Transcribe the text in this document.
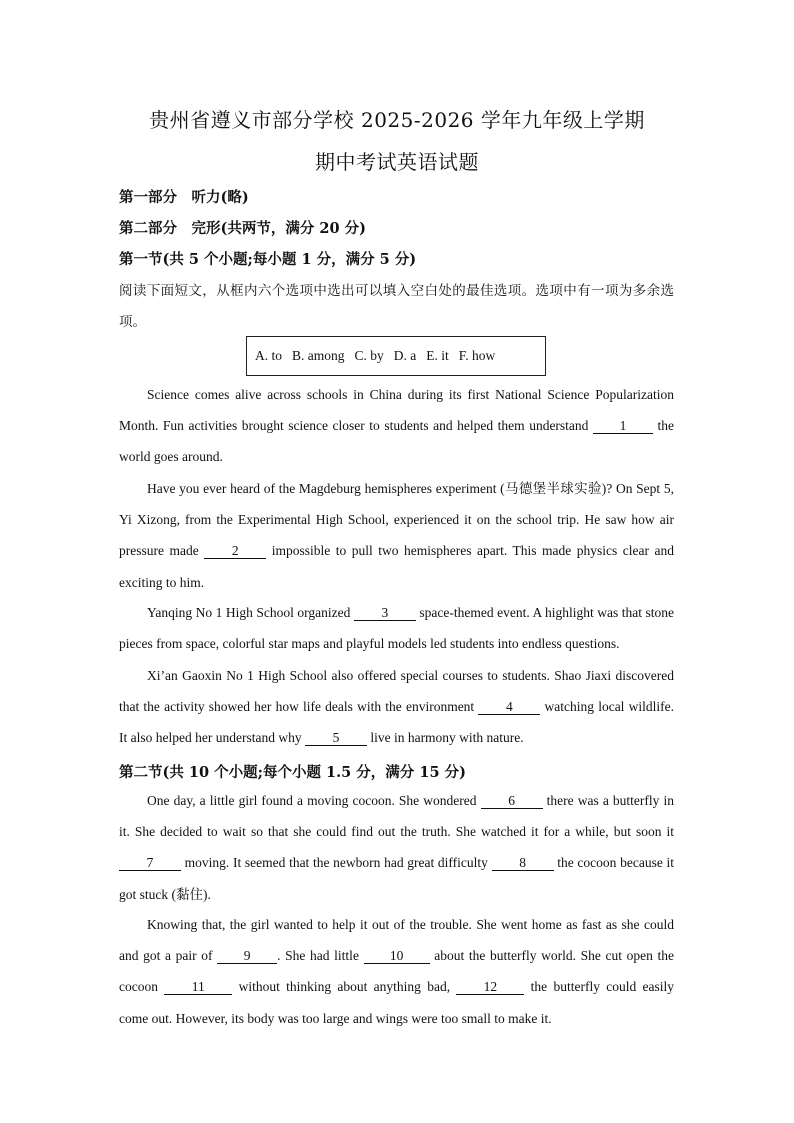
贵州省遵义市部分学校 2025-2026 学年九年级上学期
期中考试英语试题
第一部分　听力(略)
第二部分　完形(共两节，满分 20 分)
第一节(共 5 个小题;每小题 1 分，满分 5 分)
阅读下面短文，从框内六个选项中选出可以填入空白处的最佳选项。选项中有一项为多余选项。
A. to B. among C. by D. a E. it F. how
Science comes alive across schools in China during its first National Science Popularization Month. Fun activities brought science closer to students and helped them understand 1 the world goes around.
Have you ever heard of the Magdeburg hemispheres experiment (马德堡半球实验)? On Sept 5, Yi Xizong, from the Experimental High School, experienced it on the school trip. He saw how air pressure made 2 impossible to pull two hemispheres apart. This made physics clear and exciting to him.
Yanqing No 1 High School organized 3 space-themed event. A highlight was that stone pieces from space, colorful star maps and playful models led students into endless questions.
Xi’an Gaoxin No 1 High School also offered special courses to students. Shao Jiaxi discovered that the activity showed her how life deals with the environment 4 watching local wildlife. It also helped her understand why 5 live in harmony with nature.
第二节(共 10 个小题;每个小题 1.5 分，满分 15 分)
One day, a little girl found a moving cocoon. She wondered 6 there was a butterfly in it. She decided to wait so that she could find out the truth. She watched it for a while, but soon it 7 moving. It seemed that the newborn had great difficulty 8 the cocoon because it got stuck (黏住).
Knowing that, the girl wanted to help it out of the trouble. She went home as fast as she could and got a pair of 9 . She had little 10 about the butterfly world. She cut open the cocoon 11 without thinking about anything bad, 12 the butterfly could easily come out. However, its body was too large and wings were too small to make it.
